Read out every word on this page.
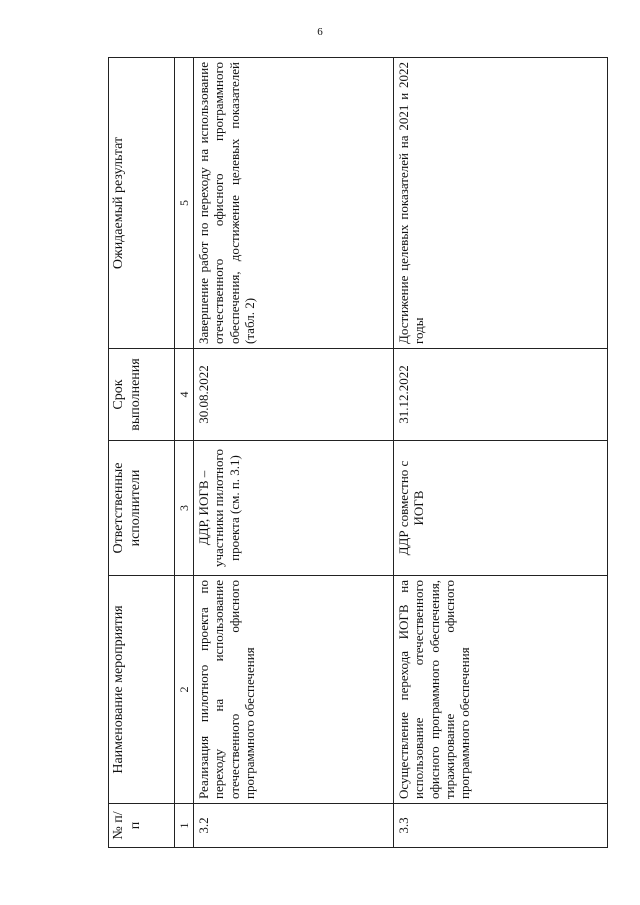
6
№ п/п	Наименование мероприятия	Ответственные исполнители	Срок выполнения	Ожидаемый результат
1	2	3	4	5
3.2	Реализация пилотного проекта по переходу на использование отечественного офисного программного обеспечения	ДДР, ИОГВ – участники пилотного проекта (см. п. 3.1)	30.08.2022	Завершение работ по переходу на использование отечественного офисного программного обеспечения, достижение целевых показателей (табл. 2)
3.3	Осуществление перехода ИОГВ на использование отечественного офисного программного обеспечения, тиражирование офисного программного обеспечения	ДДР совместно с ИОГВ	31.12.2022	Достижение целевых показателей на 2021 и 2022 годы
